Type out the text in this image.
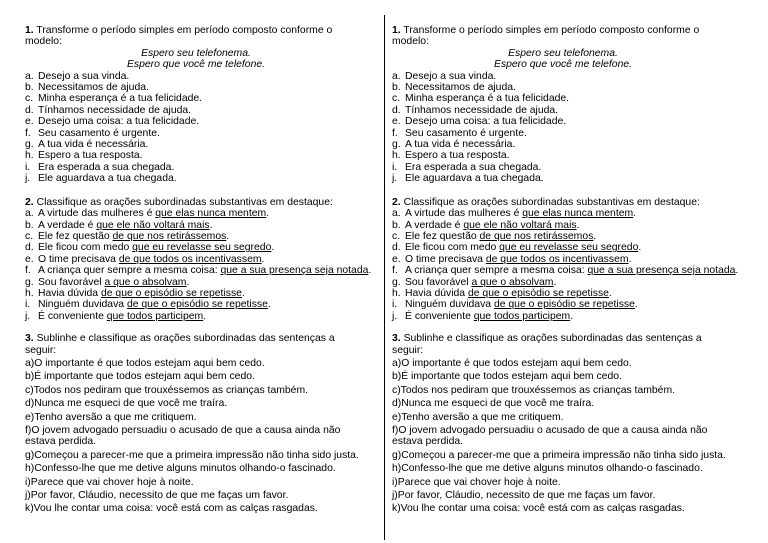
1. Transforme o período simples em período composto conforme o modelo:
Espero seu telefonema.
Espero que você me telefone.
a. Desejo a sua vinda.
b. Necessitamos de ajuda.
c. Minha esperança é a tua felicidade.
d. Tínhamos necessidade de ajuda.
e. Desejo uma coisa: a tua felicidade.
f. Seu casamento é urgente.
g. A tua vida é necessária.
h. Espero a tua resposta.
i. Era esperada a sua chegada.
j. Ele aguardava a tua chegada.
2. Classifique as orações subordinadas substantivas em destaque:
a. A virtude das mulheres é que elas nunca mentem.
b. A verdade é que ele não voltará mais.
c. Ele fez questão de que nos retirássemos.
d. Ele ficou com medo que eu revelasse seu segredo.
e. O time precisava de que todos os incentivassem.
f. A criança quer sempre a mesma coisa: que a sua presença seja notada.
g. Sou favorável a que o absolvam.
h. Havia dúvida de que o episódio se repetisse.
i. Ninguém duvidava de que o episódio se repetisse.
j. É conveniente que todos participem.
3. Sublinhe e classifique as orações subordinadas das sentenças a seguir:
a)O importante é que todos estejam aqui bem cedo.
b)É importante que todos estejam aqui bem cedo.
c)Todos nos pediram que trouxéssemos as crianças também.
d)Nunca me esqueci de que você me traíra.
e)Tenho aversão a que me critiquem.
f)O jovem advogado persuadiu o acusado de que a causa ainda não estava perdida.
g)Começou a parecer-me que a primeira impressão não tinha sido justa.
h)Confesso-lhe que me detive alguns minutos olhando-o fascinado.
i)Parece que vai chover hoje à noite.
j)Por favor, Cláudio, necessito de que me faças um favor.
k)Vou lhe contar uma coisa: você está com as calças rasgadas.
1. Transforme o período simples em período composto conforme o modelo:
Espero seu telefonema.
Espero que você me telefone.
a. Desejo a sua vinda.
b. Necessitamos de ajuda.
c. Minha esperança é a tua felicidade.
d. Tínhamos necessidade de ajuda.
e. Desejo uma coisa: a tua felicidade.
f. Seu casamento é urgente.
g. A tua vida é necessária.
h. Espero a tua resposta.
i. Era esperada a sua chegada.
j. Ele aguardava a tua chegada.
2. Classifique as orações subordinadas substantivas em destaque:
a. A virtude das mulheres é que elas nunca mentem.
b. A verdade é que ele não voltará mais.
c. Ele fez questão de que nos retirássemos.
d. Ele ficou com medo que eu revelasse seu segredo.
e. O time precisava de que todos os incentivassem.
f. A criança quer sempre a mesma coisa: que a sua presença seja notada.
g. Sou favorável a que o absolvam.
h. Havia dúvida de que o episódio se repetisse.
i. Ninguém duvidava de que o episódio se repetisse.
j. É conveniente que todos participem.
3. Sublinhe e classifique as orações subordinadas das sentenças a seguir:
a)O importante é que todos estejam aqui bem cedo.
b)É importante que todos estejam aqui bem cedo.
c)Todos nos pediram que trouxéssemos as crianças também.
d)Nunca me esqueci de que você me traíra.
e)Tenho aversão a que me critiquem.
f)O jovem advogado persuadiu o acusado de que a causa ainda não estava perdida.
g)Começou a parecer-me que a primeira impressão não tinha sido justa.
h)Confesso-lhe que me detive alguns minutos olhando-o fascinado.
i)Parece que vai chover hoje à noite.
j)Por favor, Cláudio, necessito de que me faças um favor.
k)Vou lhe contar uma coisa: você está com as calças rasgadas.
